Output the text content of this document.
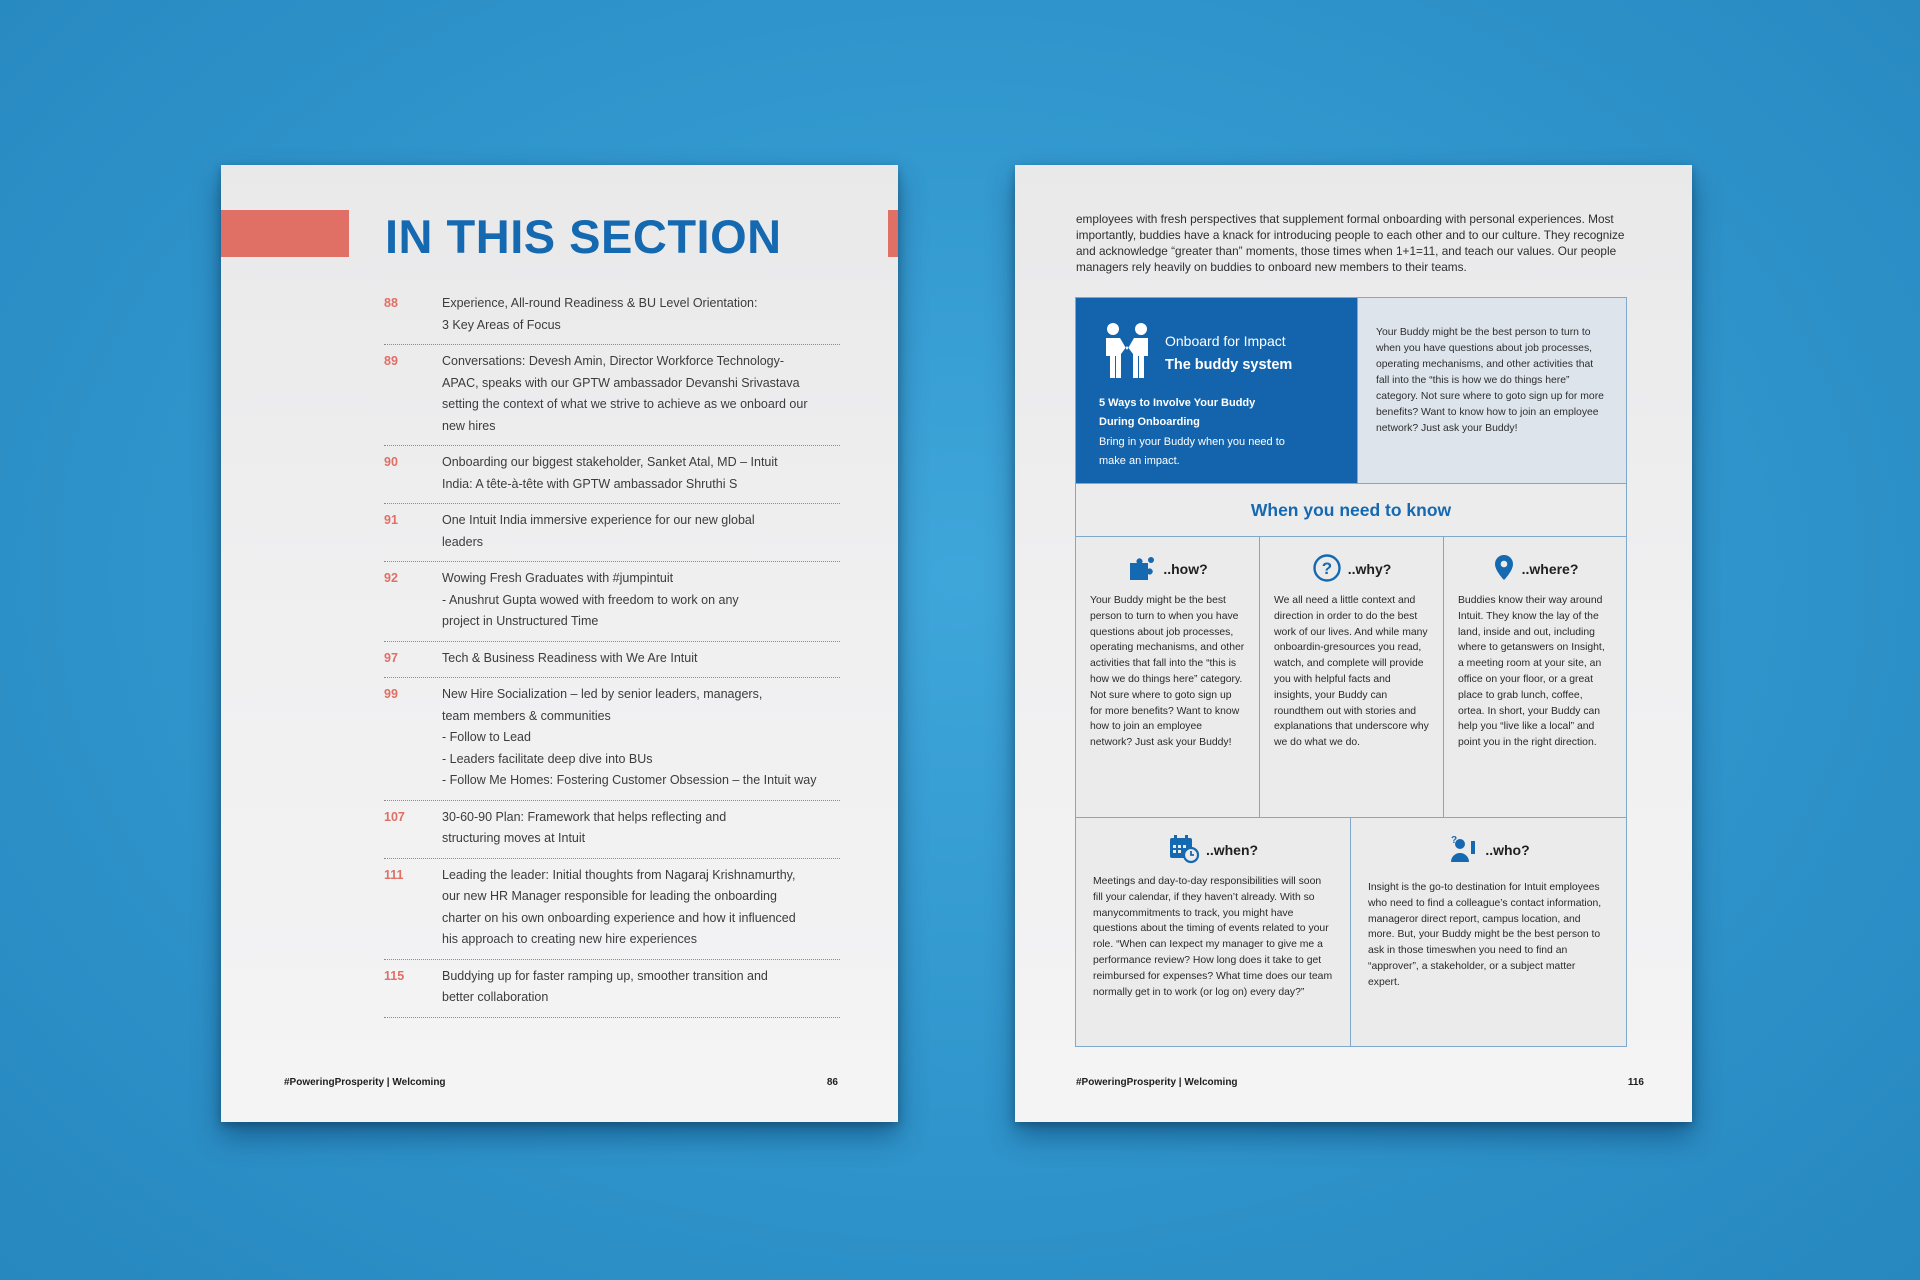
IN THIS SECTION
88	Experience, All-round Readiness & BU Level Orientation:
3 Key Areas of Focus
89	Conversations: Devesh Amin, Director Workforce Technology-
APAC, speaks with our GPTW ambassador Devanshi Srivastava
setting the context of what we strive to achieve as we onboard our
new hires
90	Onboarding our biggest stakeholder, Sanket Atal, MD – Intuit
India: A tête-à-tête with GPTW ambassador Shruthi S
91	One Intuit India immersive experience for our new global
leaders
92	Wowing Fresh Graduates with #jumpintuit
- Anushrut Gupta wowed with freedom to work on any
project in Unstructured Time
97	Tech & Business Readiness with We Are Intuit
99	New Hire Socialization – led by senior leaders, managers,
team members & communities
- Follow to Lead
- Leaders facilitate deep dive into BUs
- Follow Me Homes: Fostering Customer Obsession – the Intuit way
107	30-60-90 Plan: Framework that helps reflecting and
structuring moves at Intuit
111	Leading the leader: Initial thoughts from Nagaraj Krishnamurthy,
our new HR Manager responsible for leading the onboarding
charter on his own onboarding experience and how it influenced
his approach to creating new hire experiences
115	Buddying up for faster ramping up, smoother transition and
better collaboration
#PoweringProsperity | Welcoming	86

employees with fresh perspectives that supplement formal onboarding with personal experiences. Most importantly, buddies have a knack for introducing people to each other and to our culture. They recognize and acknowledge “greater than” moments, those times when 1+1=11, and teach our values. Our people managers rely heavily on buddies to onboard new members to their teams.

Onboard for Impact
The buddy system
5 Ways to Involve Your Buddy
During Onboarding
Bring in your Buddy when you need to make an impact.

Your Buddy might be the best person to turn to when you have questions about job processes, operating mechanisms, and other activities that fall into the “this is how we do things here” category. Not sure where to goto sign up for more benefits? Want to know how to join an employee network? Just ask your Buddy!

When you need to know
..how?
Your Buddy might be the best person to turn to when you have questions about job processes, operating mechanisms, and other activities that fall into the “this is how we do things here” category. Not sure where to goto sign up for more benefits? Want to know how to join an employee network? Just ask your Buddy!
? ..why?
We all need a little context and direction in order to do the best work of our lives. And while many onboardin-gresources you read, watch, and complete will provide you with helpful facts and insights, your Buddy can roundthem out with stories and explanations that underscore why we do what we do.
..where?
Buddies know their way around Intuit. They know the lay of the land, inside and out, including where to getanswers on Insight, a meeting room at your site, an office on your floor, or a great place to grab lunch, coffee, ortea. In short, your Buddy can help you “live like a local” and point you in the right direction.
..when?
Meetings and day-to-day responsibilities will soon fill your calendar, if they haven’t already. With so manycommitments to track, you might have questions about the timing of events related to your role. “When can Iexpect my manager to give me a performance review? How long does it take to get reimbursed for expenses? What time does our team normally get in to work (or log on) every day?”
?
..who?
Insight is the go-to destination for Intuit employees who need to find a colleague’s contact information, manageror direct report, campus location, and more. But, your Buddy might be the best person to ask in those timeswhen you need to find an “approver”, a stakeholder, or a subject matter expert.
#PoweringProsperity | Welcoming	116
